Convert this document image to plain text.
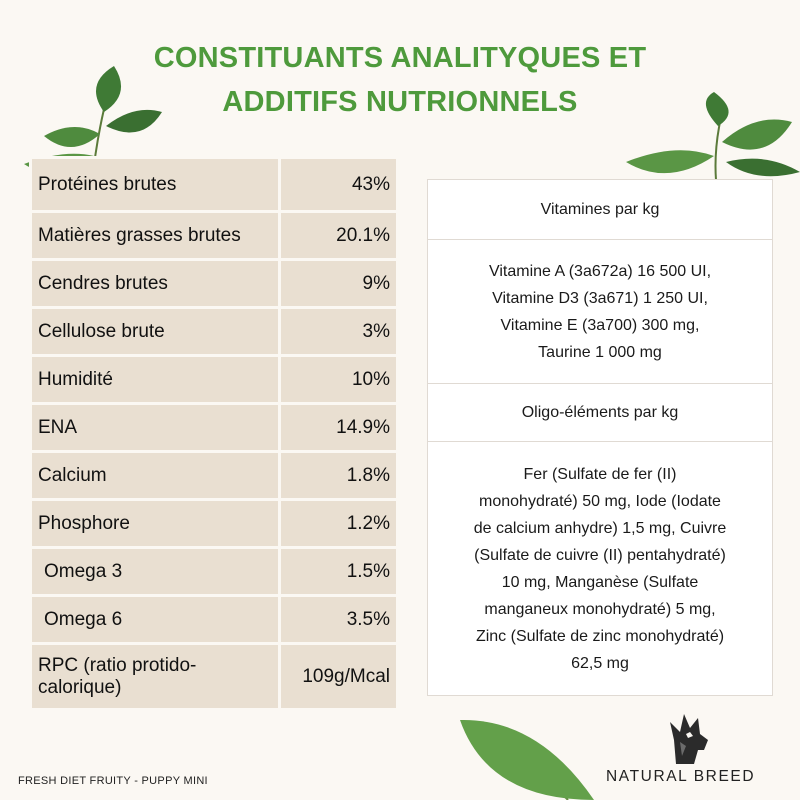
CONSTITUANTS ANALITYQUES ET
ADDITIFS NUTRIONNELS
Protéines brutes	43%
Matières grasses brutes	20.1%
Cendres brutes	9%
Cellulose brute	3%
Humidité	10%
ENA	14.9%
Calcium	1.8%
Phosphore	1.2%
Omega 3	1.5%
Omega 6	3.5%
RPC (ratio protido-calorique)	109g/Mcal
Vitamines par kg
Vitamine A (3a672a) 16 500 UI,
Vitamine D3 (3a671) 1 250 UI,
Vitamine E (3a700) 300 mg,
Taurine 1 000 mg
Oligo-éléments par kg
Fer (Sulfate de fer (II)
monohydraté) 50 mg, Iode (Iodate
de calcium anhydre) 1,5 mg, Cuivre
(Sulfate de cuivre (II) pentahydraté)
10 mg, Manganèse (Sulfate
manganeux monohydraté) 5 mg,
Zinc (Sulfate de zinc monohydraté)
62,5 mg
FRESH DIET FRUITY - PUPPY MINI	NATURAL BREED
